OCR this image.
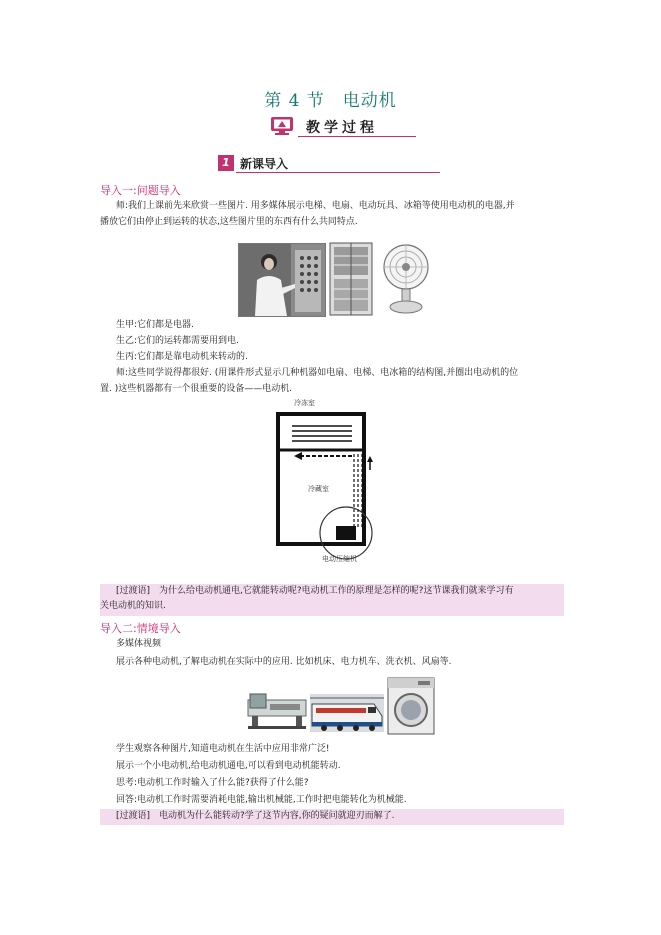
第 4 节　电动机
教学过程
1 新课导入
导入一:问题导入
师:我们上课前先来欣赏一些图片. 用多媒体展示电梯、电扇、电动玩具、冰箱等使用电动机的电器,并
播放它们由停止到运转的状态,这些图片里的东西有什么共同特点.
生甲:它们都是电器.
生乙:它们的运转都需要用到电.
生丙:它们都是靠电动机来转动的.
师:这些同学说得都很好. (用课件形式显示几种机器如电扇、电梯、电冰箱的结构图,并圈出电动机的位
置. )这些机器都有一个很重要的设备——电动机.
冷冻室
冷藏室
电动压缩机
[过渡语]　为什么给电动机通电,它就能转动呢?电动机工作的原理是怎样的呢?这节课我们就来学习有
关电动机的知识.
导入二:情境导入
多媒体视频
展示各种电动机,了解电动机在实际中的应用. 比如机床、电力机车、洗衣机、风扇等.
学生观察各种图片,知道电动机在生活中应用非常广泛!
展示一个小电动机,给电动机通电,可以看到电动机能转动.
思考:电动机工作时输入了什么能?获得了什么能?
回答:电动机工作时需要消耗电能,输出机械能,工作时把电能转化为机械能.
[过渡语]　电动机为什么能转动?学了这节内容,你的疑问就迎刃而解了.
